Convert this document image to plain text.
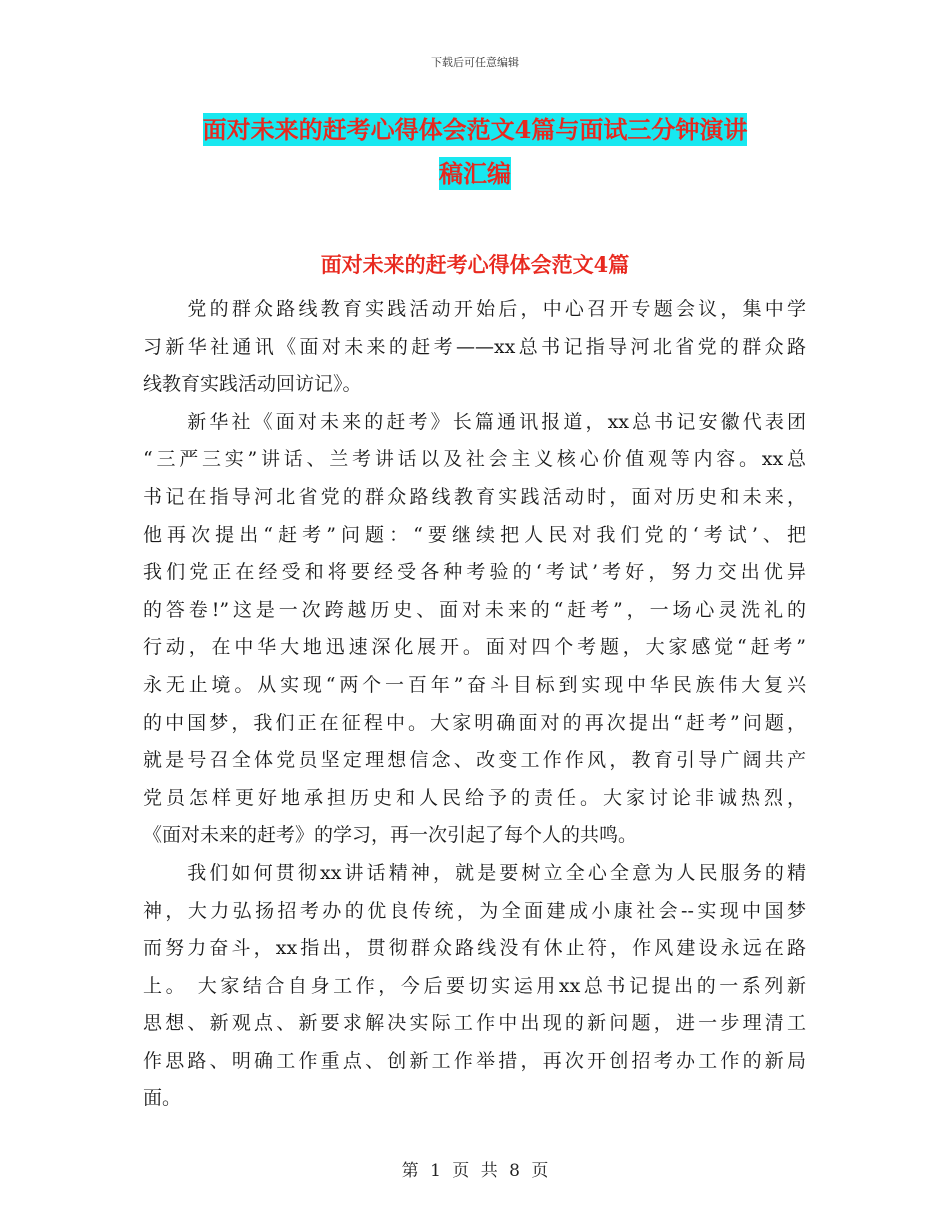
下载后可任意编辑
面对未来的赶考心得体会范文4篇与面试三分钟演讲
稿汇编
面对未来的赶考心得体会范文4篇
　　党的群众路线教育实践活动开始后，中心召开专题会议，集中学
习新华社通讯《面对未来的赶考——xx总书记指导河北省党的群众路
线教育实践活动回访记》。
　　新华社《面对未来的赶考》长篇通讯报道，xx总书记安徽代表团
“三严三实”讲话、兰考讲话以及社会主义核心价值观等内容。xx总
书记在指导河北省党的群众路线教育实践活动时，面对历史和未来，
他再次提出“赶考”问题：“要继续把人民对我们党的‘考试’、把
我们党正在经受和将要经受各种考验的‘考试’考好，努力交出优异
的答卷!”这是一次跨越历史、面对未来的“赶考”，一场心灵洗礼的
行动，在中华大地迅速深化展开。面对四个考题，大家感觉“赶考”
永无止境。从实现“两个一百年”奋斗目标到实现中华民族伟大复兴
的中国梦，我们正在征程中。大家明确面对的再次提出“赶考”问题，
就是号召全体党员坚定理想信念、改变工作作风，教育引导广阔共产
党员怎样更好地承担历史和人民给予的责任。大家讨论非诚热烈，
《面对未来的赶考》的学习，再一次引起了每个人的共鸣。
　　我们如何贯彻xx讲话精神，就是要树立全心全意为人民服务的精
神，大力弘扬招考办的优良传统，为全面建成小康社会--实现中国梦
而努力奋斗，xx指出，贯彻群众路线没有休止符，作风建设永远在路
上。 大家结合自身工作，今后要切实运用xx总书记提出的一系列新
思想、新观点、新要求解决实际工作中出现的新问题，进一步理清工
作思路、明确工作重点、创新工作举措，再次开创招考办工作的新局
面。
第 1 页 共 8 页
